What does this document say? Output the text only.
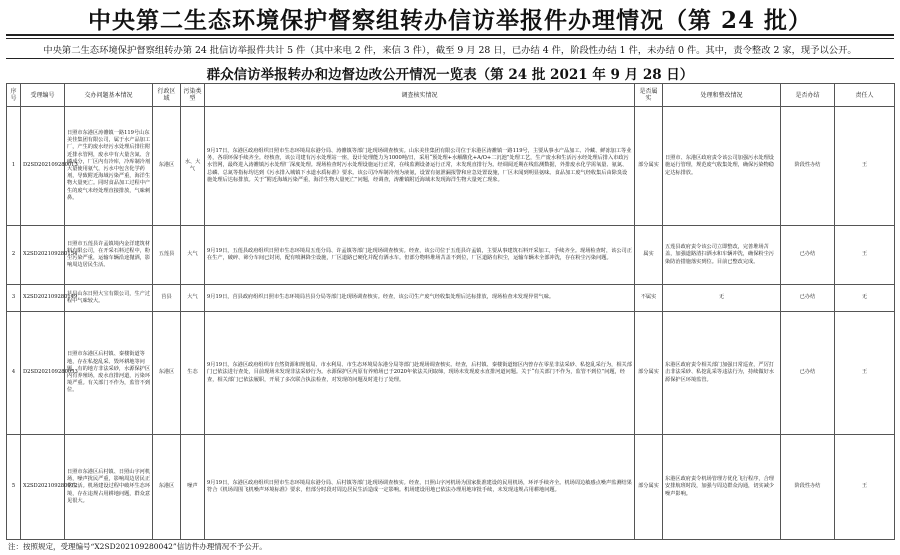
中央第二生态环境保护督察组转办信访举报件办理情况（第 24 批）
中央第二生态环境保护督察组转办第 24 批信访举报件共计 5 件（其中来电 2 件，来信 3 件），截至 9 月 28 日，已办结 4 件，阶段性办结 1 件，未办结 0 件。其中，责令整改 2 家，现予以公开。
群众信访举报转办和边督边改公开情况一览表（第 24 批 2021 年 9 月 28 日）
序号	受理编号	交办问题基本情况	行政区域	污染类型	调查核实情况	是否属实	处理和整改情况	是否办结	责任人
1	D2SD202109280013	日照市东港区涛雒镇一路119号山东美佳集团有限公司，属于水产品加工厂，产生的废水经污水处理后排往附近排水管网，废水中有大量含氮、含磷成分，厂区内有冷库，冷库制冷剂大量使用氨气，污水中包含化学药剂，导致附近海域污染严重，海洋生物大量死亡。同时食品加工过程中产生的废气未经处理直接排放，气味刺鼻。	东港区	水、大气	9月17日，东港区政府组织日照市生态环境局东港分局、涛雒镇等部门赴现场调查核实。山东美佳集团有限公司位于东港区涛雒镇一路119号，主要从事水产品加工、冷藏、鲜冻加工等业务，各项环保手续齐全。经核查，该公司建有污水处理站一座，设计处理能力为1000吨/日，采用“预处理+水解酸化+A/O+二沉池”处理工艺，生产废水和生活污水经处理后排入市政污水管网，最终进入涛雒镇污水处理厂深度处理。现场检查时污水处理设施运行正常，在线监测设备运行正常，未发现直排行为。经调阅近期在线监测数据，外排废水化学需氧量、氨氮、总磷、总氮等指标均达到《污水排入城镇下水道水质标准》要求。该公司冷库制冷剂为液氨，设置有氨泄漏报警和应急处置设施，厂区未闻到明显氨味。食品加工废气经收集后由除臭设施处理后达标排放。关于“附近海域污染严重，海洋生物大量死亡”问题，经调查，涛雒镇附近海域未发现海洋生物大量死亡现象。	部分属实	日照市、东港区政府责令该公司加强污水处理设施运行管理，规范废气收集处理，确保污染物稳定达标排放。	阶段性办结	王
2	X2SD202109280154	日照市五莲县许孟镇境内金洋建筑材料有限公司，在开采石料过程中，粉尘污染严重，运输车辆沿途抛洒，影响周边居民生活。	五莲县	大气	9月19日，五莲县政府组织日照市生态环境局五莲分局、许孟镇等部门赴现场调查核实。经查，该公司位于五莲县许孟镇，主要从事建筑石料开采加工，手续齐全。现场检查时，该公司正在生产，破碎、筛分车间已封闭，配有喷淋降尘设施，厂区道路已硬化并配有洒水车。但部分物料堆场苫盖不到位，厂区道路有积尘，运输车辆未全部冲洗，存在粉尘污染问题。	属实	五莲县政府责令该公司立即整改，完善堆场苫盖，加强道路清扫洒水和车辆冲洗，确保粉尘污染防治措施落实到位。目前已整改完成。	已办结	王
3	X2SD202109280149	莒县山东日照大宝有限公司，生产过程中气味较大。	莒县	大气	9月19日，莒县政府组织日照市生态环境局莒县分局等部门赴现场调查核实。经查，该公司生产废气经收集处理后达标排放，现场检查未发现异常气味。	不属实	无	已办结	无
4	D2SD202109280053	日照市东港区后村镇、秦楼街道等地，存在私挖乱采、毁坏耕地等问题，有的地方非法采砂，水源保护区内有养殖场，废水直排河道，污染环境严重。有关部门不作为，监管不到位。	东港区	生态	9月19日，东港区政府组织市自然资源和规划局、市水利局、市生态环境局东港分局等部门赴现场调查核实。经查，后村镇、秦楼街道辖区内曾存在零星非法采砂、私挖乱采行为，相关部门已依法进行查处，目前现场未发现非法采砂行为。水源保护区内原有养殖场已于2020年依法关闭取缔，现场未发现废水直排河道问题。关于“有关部门不作为，监管不到位”问题，经查，相关部门已依法履职，开展了多次联合执法检查，对发现的问题及时进行了处理。	部分属实	东港区政府责令相关部门加强日常巡查，严厉打击非法采砂、私挖乱采等违法行为，持续做好水源保护区环境监管。	已办结	王
5	X2SD202109280012	日照市东港区后村镇、日照山字河机场，噪声扰民严重，影响周边居民正常生活。机场建设过程中破坏生态环境，存在违规占用耕地问题，群众意见很大。	东港区	噪声	9月19日，东港区政府组织日照市生态环境局东港分局、后村镇等部门赴现场调查核实。经查，日照山字河机场为国家批准建设的民用机场，环评手续齐全。机场周边敏感点噪声监测结果符合《机场周围飞机噪声环境标准》要求，但部分时段对周边居民生活造成一定影响。机场建设用地已依法办理用地审批手续，未发现违规占用耕地问题。	部分属实	东港区政府责令机场管理方优化飞行程序，合理安排航班时段，加强与周边群众沟通，切实减少噪声影响。	阶段性办结	王
注：按照规定，受理编号“X2SD202109280042”信访件办理情况不予公开。
